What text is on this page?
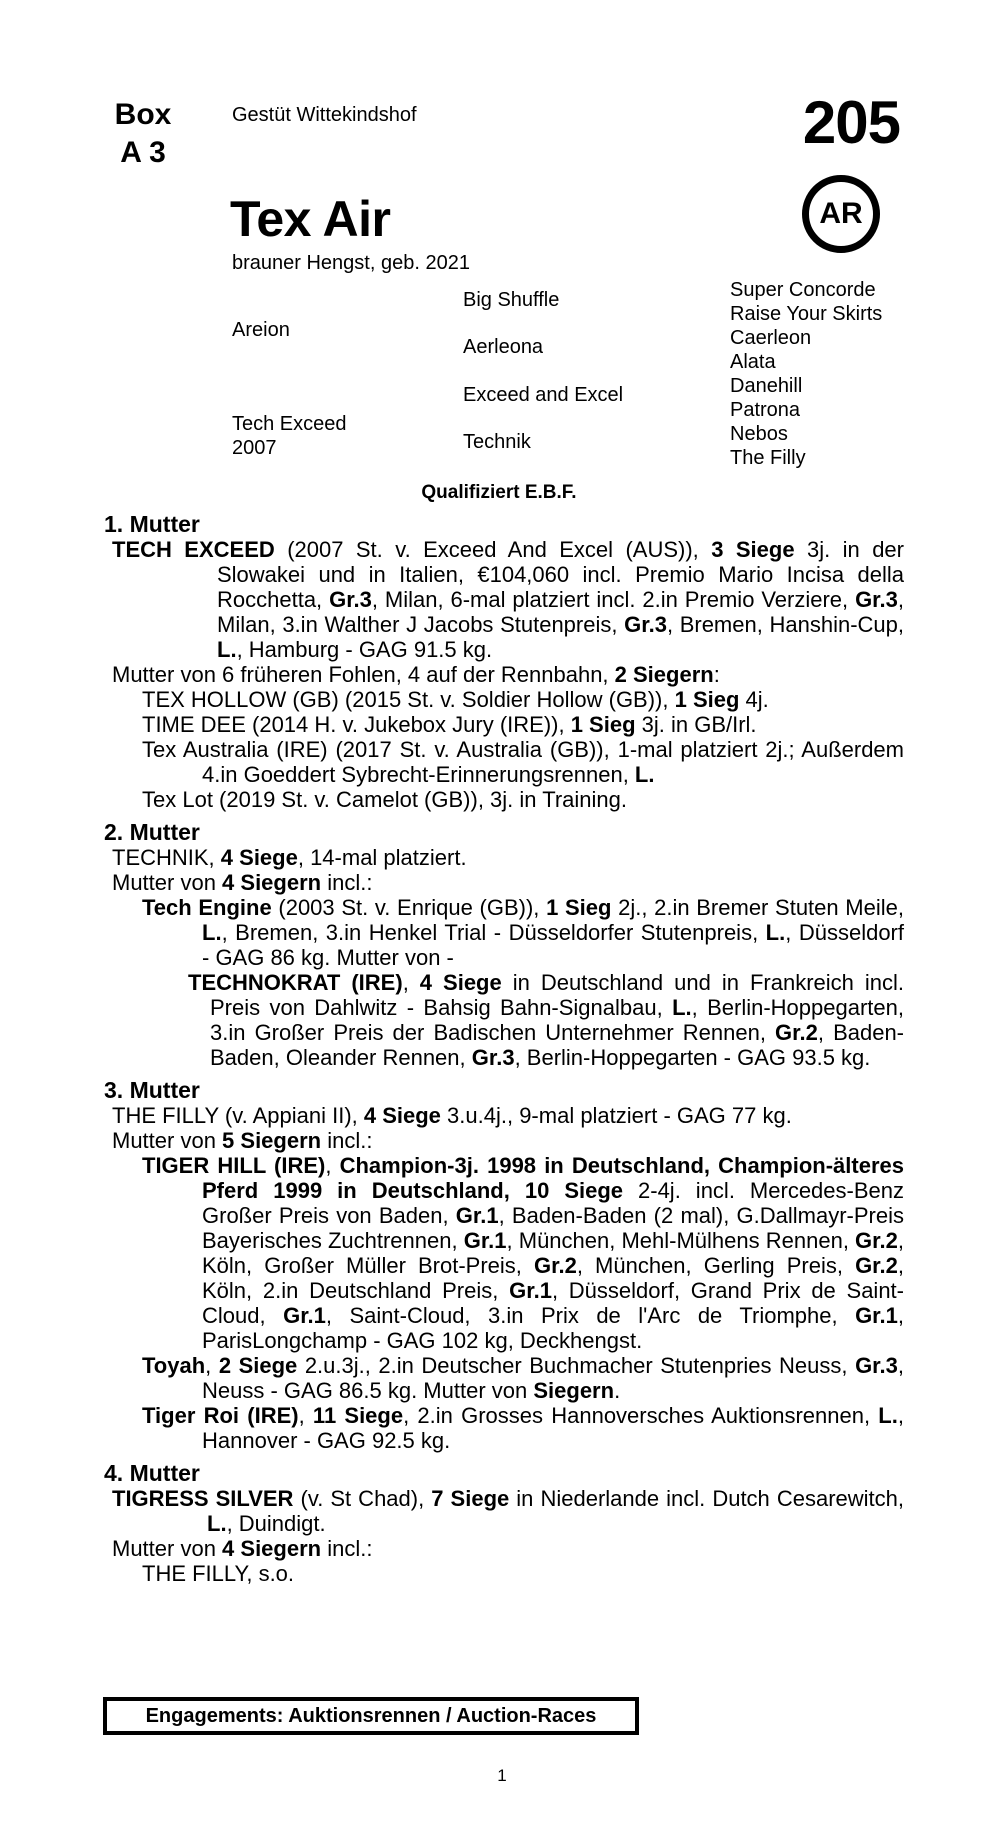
Box
A 3
Gestüt Wittekindshof	205
AR
Tex Air
brauner Hengst, geb. 2021
Areion
Tech Exceed
2007
Big Shuffle
Aerleona
Exceed and Excel
Technik
Super Concorde
Raise Your Skirts
Caerleon
Alata
Danehill
Patrona
Nebos
The Filly
Qualifiziert E.B.F.
1. Mutter
TECH EXCEED (2007 St. v. Exceed And Excel (AUS)), 3 Siege 3j. in der Slowakei und in Italien, €104,060 incl. Premio Mario Incisa della Rocchetta, Gr.3, Milan, 6-mal platziert incl. 2.in Premio Verziere, Gr.3, Milan, 3.in Walther J Jacobs Stutenpreis, Gr.3, Bremen, Hanshin-Cup, L., Hamburg - GAG 91.5 kg.
Mutter von 6 früheren Fohlen, 4 auf der Rennbahn, 2 Siegern:
TEX HOLLOW (GB) (2015 St. v. Soldier Hollow (GB)), 1 Sieg 4j.
TIME DEE (2014 H. v. Jukebox Jury (IRE)), 1 Sieg 3j. in GB/Irl.
Tex Australia (IRE) (2017 St. v. Australia (GB)), 1-mal platziert 2j.; Außerdem 4.in Goeddert Sybrecht-Erinnerungsrennen, L.
Tex Lot (2019 St. v. Camelot (GB)), 3j. in Training.
2. Mutter
TECHNIK, 4 Siege, 14-mal platziert.
Mutter von 4 Siegern incl.:
Tech Engine (2003 St. v. Enrique (GB)), 1 Sieg 2j., 2.in Bremer Stuten Meile, L., Bremen, 3.in Henkel Trial - Düsseldorfer Stutenpreis, L., Düsseldorf - GAG 86 kg. Mutter von -
TECHNOKRAT (IRE), 4 Siege in Deutschland und in Frankreich incl. Preis von Dahlwitz - Bahsig Bahn-Signalbau, L., Berlin-Hoppegarten, 3.in Großer Preis der Badischen Unternehmer Rennen, Gr.2, Baden-Baden, Oleander Rennen, Gr.3, Berlin-Hoppegarten - GAG 93.5 kg.
3. Mutter
THE FILLY (v. Appiani II), 4 Siege 3.u.4j., 9-mal platziert - GAG 77 kg.
Mutter von 5 Siegern incl.:
TIGER HILL (IRE), Champion-3j. 1998 in Deutschland, Champion-älteres Pferd 1999 in Deutschland, 10 Siege 2-4j. incl. Mercedes-Benz Großer Preis von Baden, Gr.1, Baden-Baden (2 mal), G.Dallmayr-Preis Bayerisches Zuchtrennen, Gr.1, München, Mehl-Mülhens Rennen, Gr.2, Köln, Großer Müller Brot-Preis, Gr.2, München, Gerling Preis, Gr.2, Köln, 2.in Deutschland Preis, Gr.1, Düsseldorf, Grand Prix de Saint-Cloud, Gr.1, Saint-Cloud, 3.in Prix de l'Arc de Triomphe, Gr.1, ParisLongchamp - GAG 102 kg, Deckhengst.
Toyah, 2 Siege 2.u.3j., 2.in Deutscher Buchmacher Stutenpries Neuss, Gr.3, Neuss - GAG 86.5 kg. Mutter von Siegern.
Tiger Roi (IRE), 11 Siege, 2.in Grosses Hannoversches Auktionsrennen, L., Hannover - GAG 92.5 kg.
4. Mutter
TIGRESS SILVER (v. St Chad), 7 Siege in Niederlande incl. Dutch Cesarewitch, L., Duindigt.
Mutter von 4 Siegern incl.:
THE FILLY, s.o.
Engagements: Auktionsrennen / Auction-Races
1
